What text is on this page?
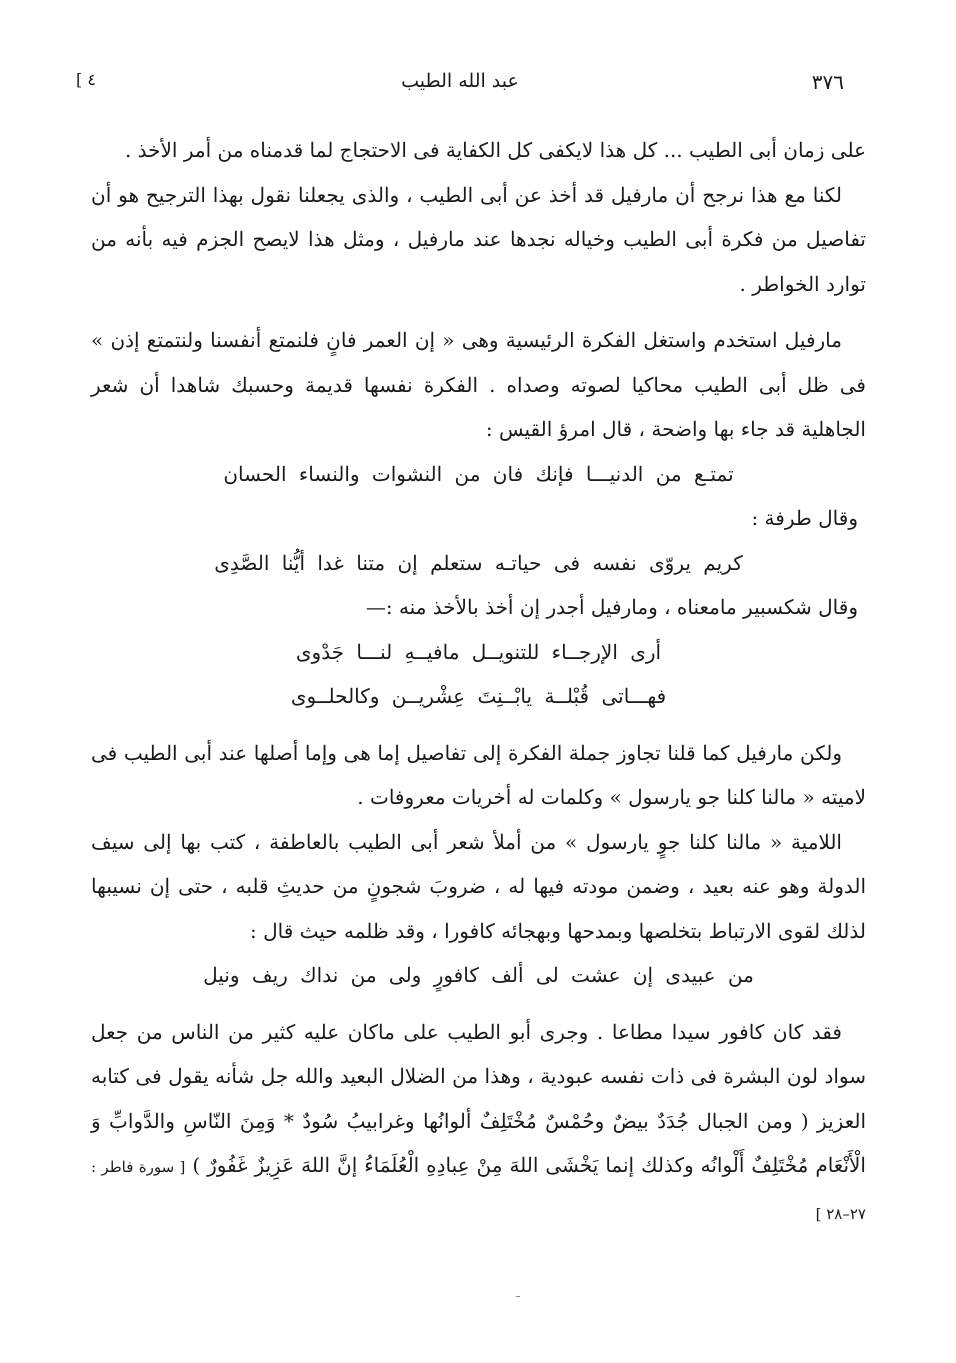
٣٧٦
عبد الله الطيب
[ ٤

على زمان أبى الطيب ... كل هذا لايكفى كل الكفاية فى الاحتجاج لما قدمناه من أمر الأخذ .

لكنا مع هذا نرجح أن مارفيل قد أخذ عن أبى الطيب ، والذى يجعلنا نقول بهذا الترجيح هو أن تفاصيل من فكرة أبى الطيب وخياله نجدها عند مارفيل ، ومثل هذا لايصح الجزم فيه بأنه من توارد الخواطر .

مارفيل استخدم واستغل الفكرة الرئيسية وهى « إن العمر فانٍ فلنمتع أنفسنا ولنتمتع إذن » فى ظل أبى الطيب محاكيا لصوته وصداه . الفكرة نفسها قديمة وحسبك شاهدا أن شعر الجاهلية قد جاء بها واضحة ، قال امرؤ القيس :

تمتـع من الدنيـــا فإنك فان من النشوات والنساء الحسان

وقال طرفة :

كريم يروّى نفسه فى حياتـه ستعلم إن متنا غدا أيُّنا الصَّدِى

وقال شكسبير مامعناه ، ومارفيل أجدر إن أخذ بالأخذ منه :—

أرى الإرجــاء للتنويــل مافيــهِ لنـــا جَدْوى

فهـــاتى قُبْلــة يابْــنِتَ عِشْريــن وكالحلــوى

ولكن مارفيل كما قلنا تجاوز جملة الفكرة إلى تفاصيل إما هى وإما أصلها عند أبى الطيب فى لاميته « مالنا كلنا جو يارسول » وكلمات له أخريات معروفات .

اللامية « مالنا كلنا جوٍ يارسول » من أملأ شعر أبى الطيب بالعاطفة ، كتب بها إلى سيف الدولة وهو عنه بعيد ، وضمن مودته فيها له ، ضروبَ شجونٍ من حديثِ قلبه ، حتى إن نسيبها لذلك لقوى الارتباط بتخلصها وبمدحها وبهجائه كافورا ، وقد ظلمه حيث قال :

من عبيدى إن عشت لى ألف كافورٍ ولى من نداك ريف ونيل

فقد كان كافور سيدا مطاعا . وجرى أبو الطيب على ماكان عليه كثير من الناس من جعل سواد لون البشرة فى ذات نفسه عبودية ، وهذا من الضلال البعيد والله جل شأنه يقول فى كتابه العزيز ( ومن الجبال جُدَدٌ بيضٌ وحُمْسٌ مُخْتَلِفٌ ألوانُها وغرابيبُ سُودٌ * وَمِنَ النّاسِ والدَّوابِّ وَ الْأَنْعَام مُخْتَلِفٌ أَلْوانُه وكذلك إنما يَخْشَى اللهَ مِنْ عِبادِهِ الْعُلَمَاءُ إنَّ اللهَ عَزِيزٌ غَفُورٌ ) [ سورة فاطر : ٢٧–٢٨ ]
